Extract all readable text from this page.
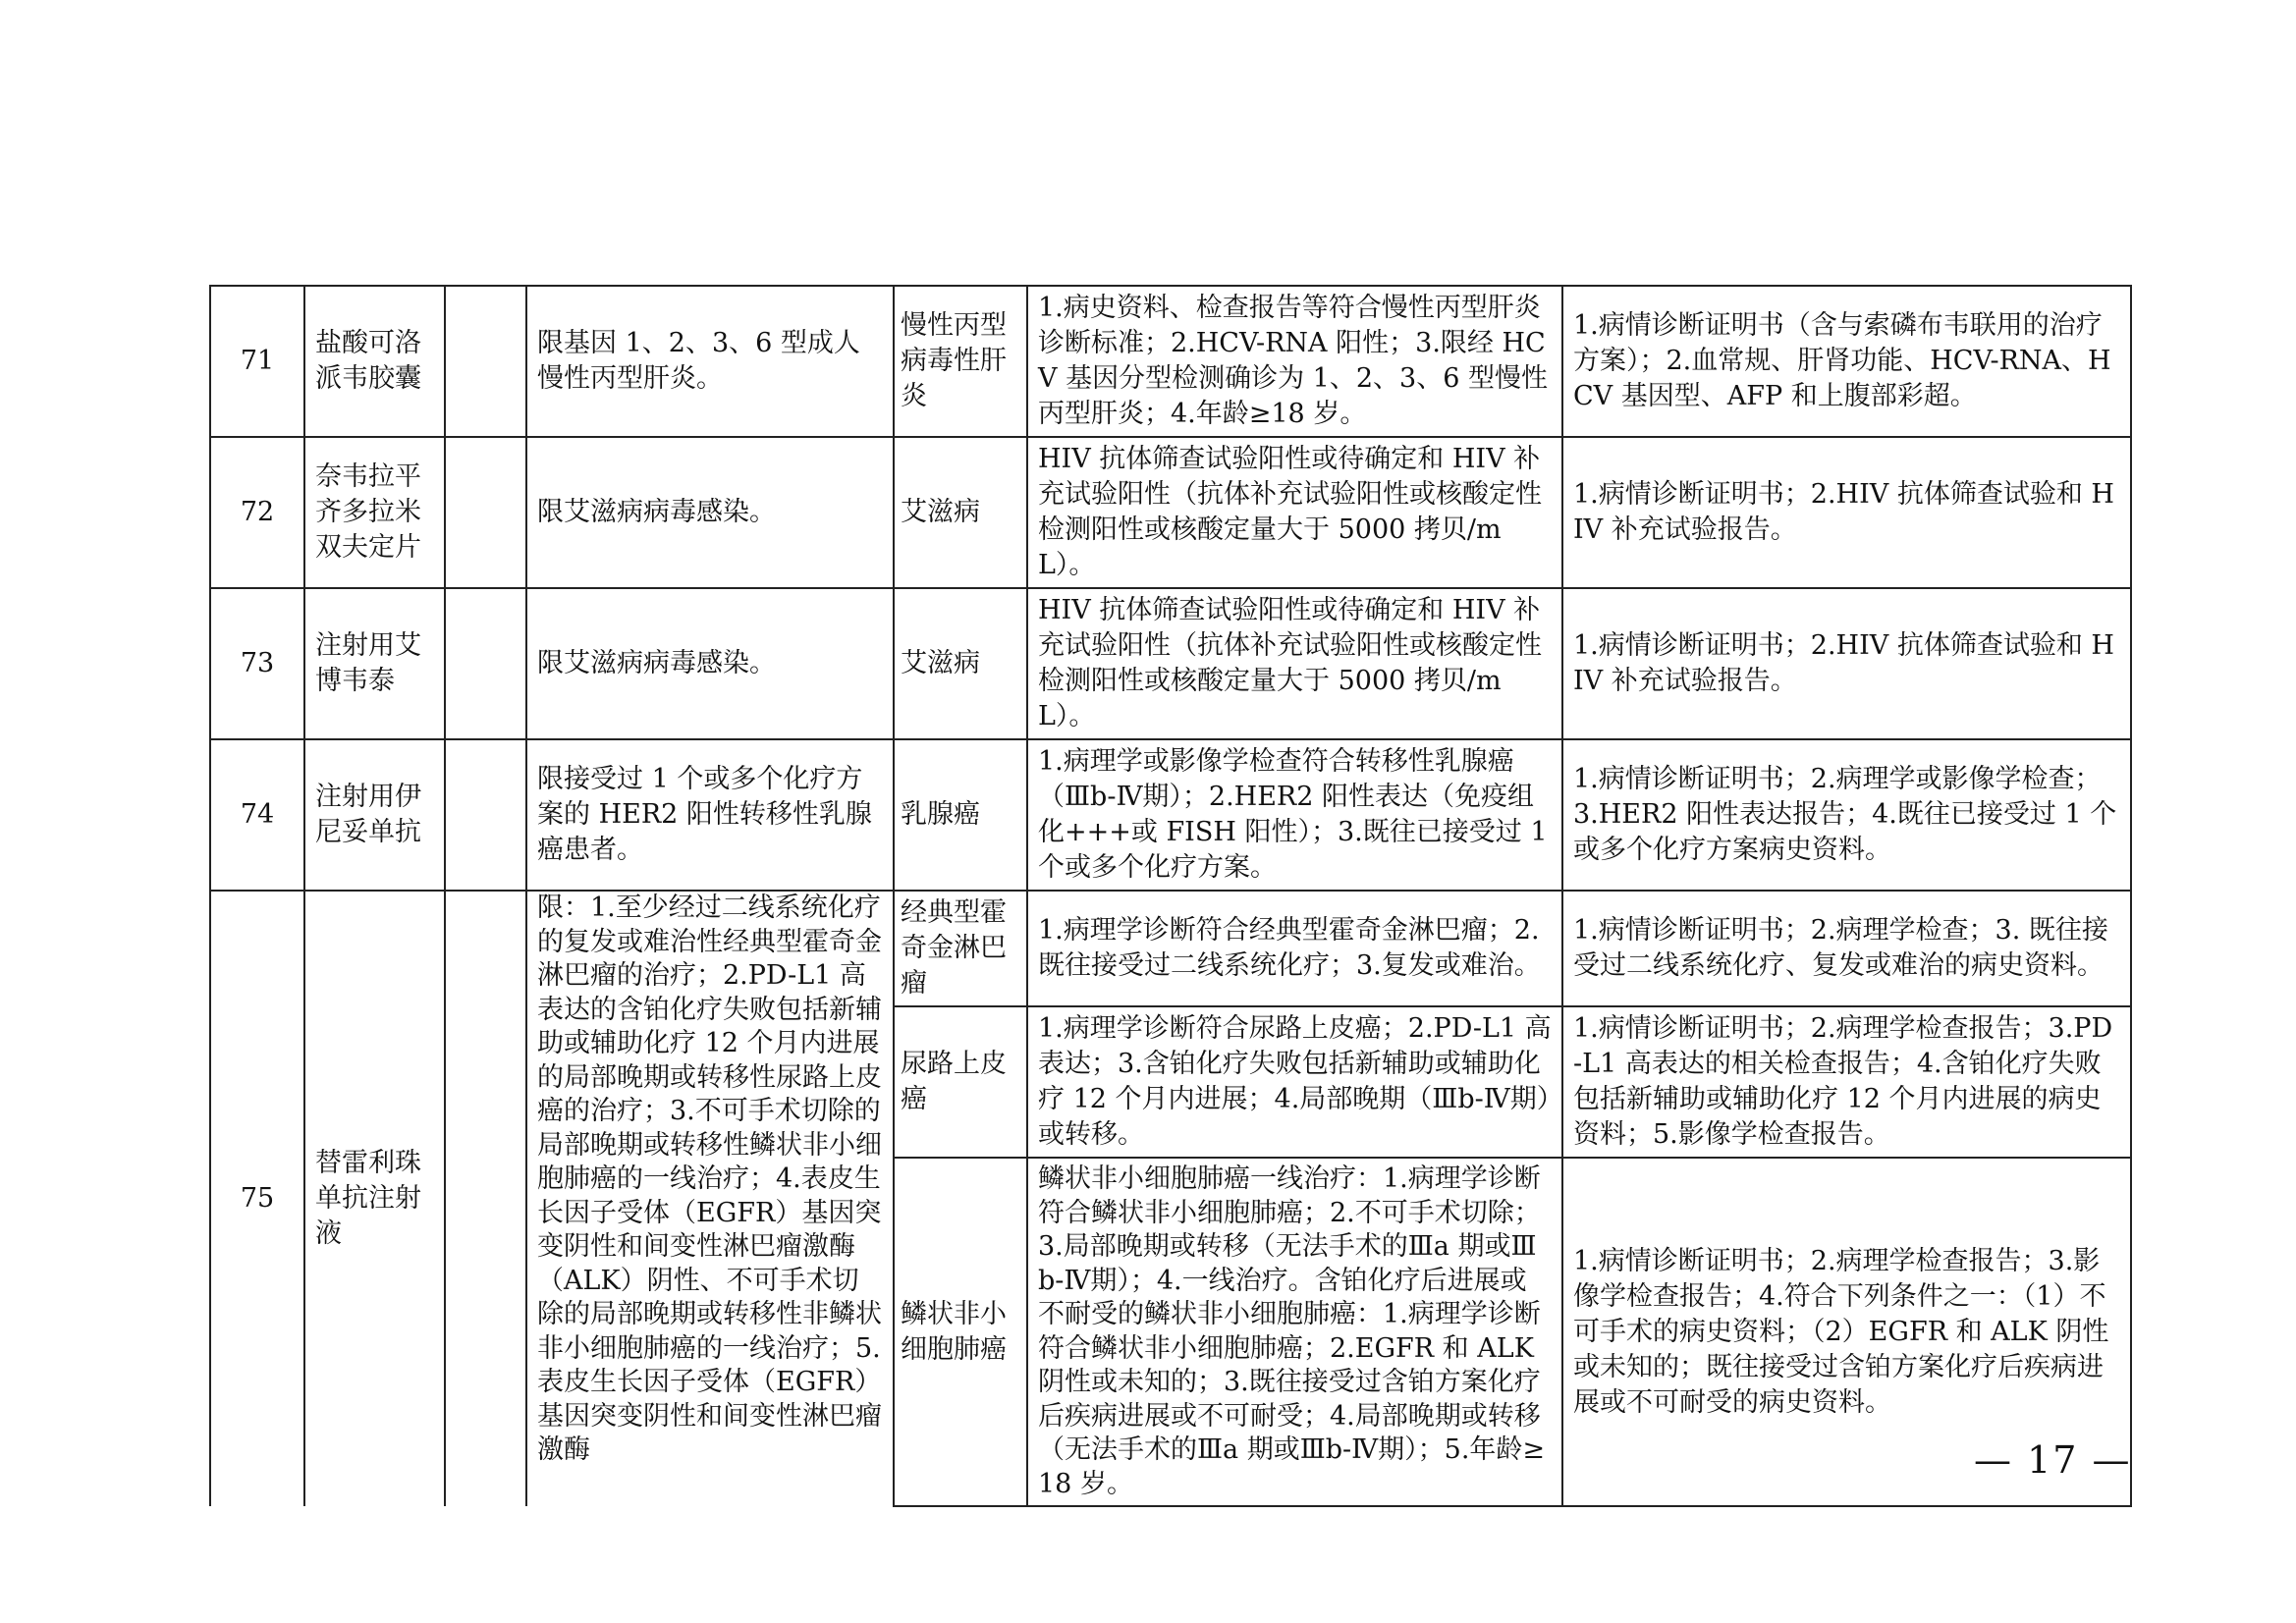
71	盐酸可洛派韦胶囊		限基因 1、2、3、6 型成人慢性丙型肝炎。	慢性丙型病毒性肝炎	1.病史资料、检查报告等符合慢性丙型肝炎诊断标准；2.HCV-RNA 阳性；3.限经 HCV 基因分型检测确诊为 1、2、3、6 型慢性丙型肝炎；4.年龄≥18 岁。	1.病情诊断证明书（含与索磷布韦联用的治疗方案）；2.血常规、肝肾功能、HCV-RNA、HCV 基因型、AFP 和上腹部彩超。
72	奈韦拉平齐多拉米双夫定片		限艾滋病病毒感染。	艾滋病	HIV 抗体筛查试验阳性或待确定和 HIV 补充试验阳性（抗体补充试验阳性或核酸定性检测阳性或核酸定量大于 5000 拷贝/mL）。	1.病情诊断证明书；2.HIV 抗体筛查试验和 HIV 补充试验报告。
73	注射用艾博韦泰		限艾滋病病毒感染。	艾滋病	HIV 抗体筛查试验阳性或待确定和 HIV 补充试验阳性（抗体补充试验阳性或核酸定性检测阳性或核酸定量大于 5000 拷贝/mL）。	1.病情诊断证明书；2.HIV 抗体筛查试验和 HIV 补充试验报告。
74	注射用伊尼妥单抗		限接受过 1 个或多个化疗方案的 HER2 阳性转移性乳腺癌患者。	乳腺癌	1.病理学或影像学检查符合转移性乳腺癌（Ⅲb-Ⅳ期）；2.HER2 阳性表达（免疫组化+++或 FISH 阳性）；3.既往已接受过 1 个或多个化疗方案。	1.病情诊断证明书；2.病理学或影像学检查；3.HER2 阳性表达报告；4.既往已接受过 1 个或多个化疗方案病史资料。
75	替雷利珠单抗注射液		限：1.至少经过二线系统化疗的复发或难治性经典型霍奇金淋巴瘤的治疗；2.PD-L1 高表达的含铂化疗失败包括新辅助或辅助化疗 12 个月内进展的局部晚期或转移性尿路上皮癌的治疗；3.不可手术切除的局部晚期或转移性鳞状非小细胞肺癌的一线治疗；4.表皮生长因子受体（EGFR）基因突变阴性和间变性淋巴瘤激酶（ALK）阴性、不可手术切除的局部晚期或转移性非鳞状非小细胞肺癌的一线治疗；5.表皮生长因子受体（EGFR）基因突变阴性和间变性淋巴瘤激酶	经典型霍奇金淋巴瘤	1.病理学诊断符合经典型霍奇金淋巴瘤；2.既往接受过二线系统化疗；3.复发或难治。	1.病情诊断证明书；2.病理学检查；3. 既往接受过二线系统化疗、复发或难治的病史资料。
				尿路上皮癌	1.病理学诊断符合尿路上皮癌；2.PD-L1 高表达；3.含铂化疗失败包括新辅助或辅助化疗 12 个月内进展；4.局部晚期（Ⅲb-Ⅳ期）或转移。	1.病情诊断证明书；2.病理学检查报告；3.PD-L1 高表达的相关检查报告；4.含铂化疗失败包括新辅助或辅助化疗 12 个月内进展的病史资料；5.影像学检查报告。
				鳞状非小细胞肺癌	鳞状非小细胞肺癌一线治疗：1.病理学诊断符合鳞状非小细胞肺癌；2.不可手术切除；3.局部晚期或转移（无法手术的Ⅲa 期或Ⅲb-Ⅳ期）；4.一线治疗。含铂化疗后进展或不耐受的鳞状非小细胞肺癌：1.病理学诊断符合鳞状非小细胞肺癌；2.EGFR 和 ALK 阴性或未知的；3.既往接受过含铂方案化疗后疾病进展或不可耐受；4.局部晚期或转移（无法手术的Ⅲa 期或Ⅲb-Ⅳ期）；5.年龄≥18 岁。	1.病情诊断证明书；2.病理学检查报告；3.影像学检查报告；4.符合下列条件之一：（1）不可手术的病史资料；（2）EGFR 和 ALK 阴性或未知的；既往接受过含铂方案化疗后疾病进展或不可耐受的病史资料。
— 17 —
